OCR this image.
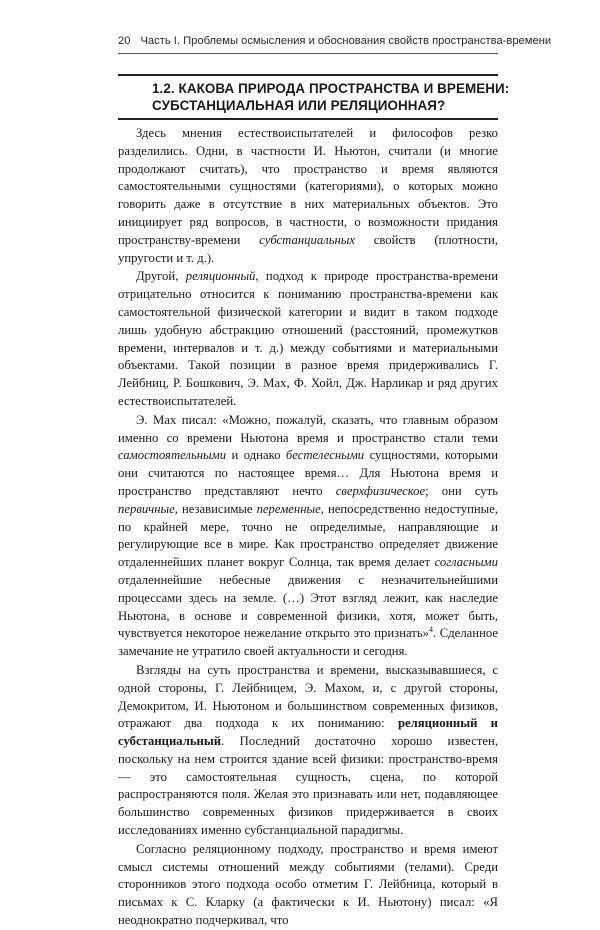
20 Часть I. Проблемы осмысления и обоснования свойств пространства-времени
1.2. КАКОВА ПРИРОДА ПРОСТРАНСТВА И ВРЕМЕНИ:
СУБСТАНЦИАЛЬНАЯ ИЛИ РЕЛЯЦИОННАЯ?

Здесь мнения естествоиспытателей и философов резко разделились. Одни, в частности И. Ньютон, считали (и многие продолжают считать), что пространство и время являются самостоятельными сущностями (категориями), о которых можно говорить даже в отсутствие в них материальных объектов. Это инициирует ряд вопросов, в частности, о возможности придания пространству-времени субстанциальных свойств (плотности, упругости и т. д.).

Другой, реляционный, подход к природе пространства-времени отрицательно относится к пониманию пространства-времени как самостоятельной физической категории и видит в таком подходе лишь удобную абстракцию отношений (расстояний, промежутков времени, интервалов и т. д.) между событиями и материальными объектами. Такой позиции в разное время придерживались Г. Лейбниц, Р. Бошкович, Э. Мах, Ф. Хойл, Дж. Нарликар и ряд других естествоиспытателей.

Э. Мах писал: «Можно, пожалуй, сказать, что главным образом именно со времени Ньютона время и пространство стали теми самостоятельными и однако бестелесными сущностями, которыми они считаются по настоящее время… Для Ньютона время и пространство представляют нечто сверхфизическое; они суть первичные, независимые переменные, непосредственно недоступные, по крайней мере, точно не определимые, направляющие и регулирующие все в мире. Как пространство определяет движение отдаленнейших планет вокруг Солнца, так время делает согласными отдаленнейшие небесные движения с незначительнейшими процессами здесь на земле. (…) Этот взгляд лежит, как наследие Ньютона, в основе и современной физики, хотя, может быть, чувствуется некоторое нежелание открыто это признать»$^4$. Сделанное замечание не утратило своей актуальности и сегодня.

Взгляды на суть пространства и времени, высказывавшиеся, с одной стороны, Г. Лейбницем, Э. Махом, и, с другой стороны, Демокритом, И. Ньютоном и большинством современных физиков, отражают два подхода к их пониманию: реляционный и субстанциальный. Последний достаточно хорошо известен, поскольку на нем строится здание всей физики: пространство-время — это самостоятельная сущность, сцена, по которой распространяются поля. Желая это признавать или нет, подавляющее большинство современных физиков придерживается в своих исследованиях именно субстанциальной парадигмы.

Согласно реляционному подходу, пространство и время имеют смысл системы отношений между событиями (телами). Среди сторонников этого подхода особо отметим Г. Лейбница, который в письмах к С. Кларку (а фактически к И. Ньютону) писал: «Я неоднократно подчеркивал, что
